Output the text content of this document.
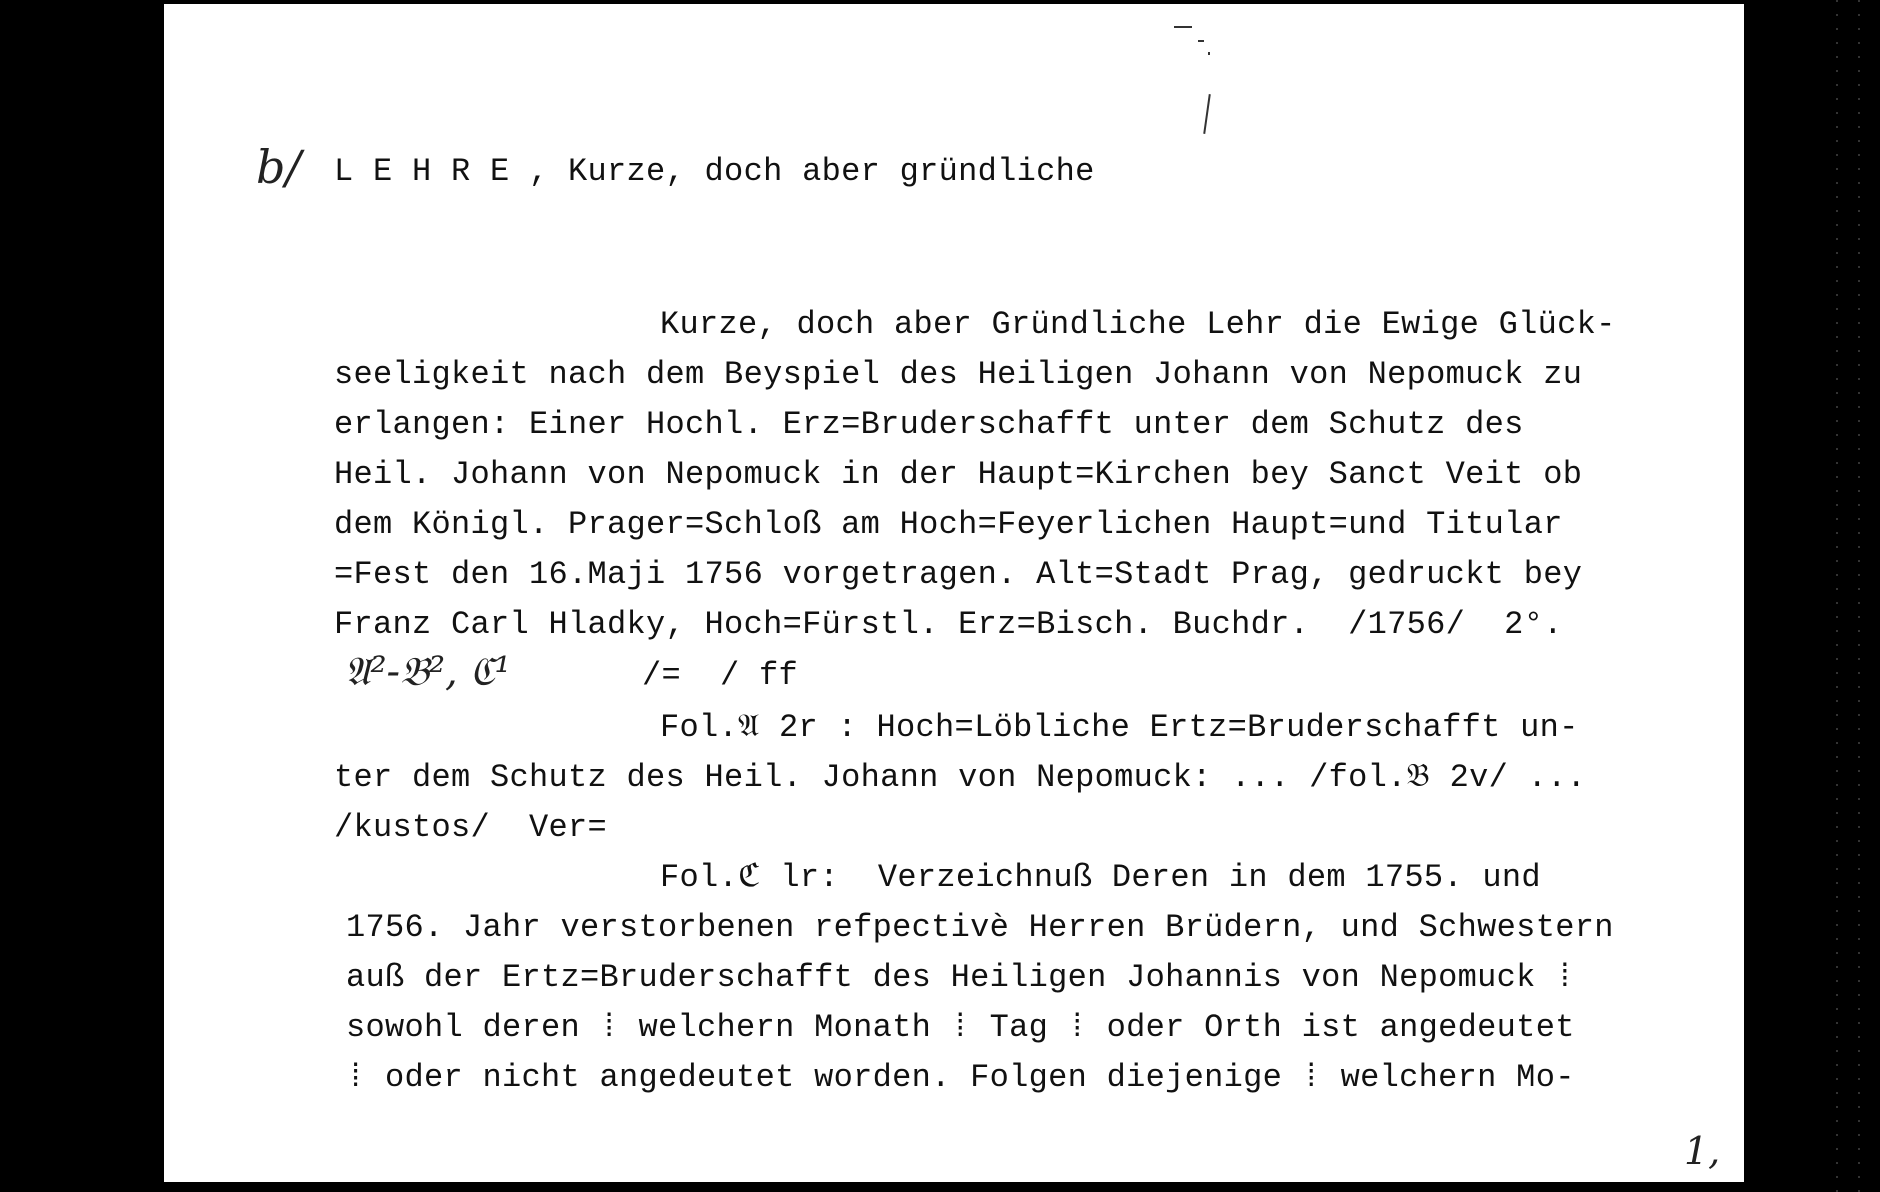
b/ L E H R E , Kurze, doch aber gründliche
Kurze, doch aber Gründliche Lehr die Ewige Glück-
seeligkeit nach dem Beyspiel des Heiligen Johann von Nepomuck zu
erlangen: Einer Hochl. Erz=Bruderschafft unter dem Schutz des
Heil. Johann von Nepomuck in der Haupt=Kirchen bey Sanct Veit ob
dem Königl. Prager=Schloß am Hoch=Feyerlichen Haupt=und Titular
=Fest den 16.Maji 1756 vorgetragen. Alt=Stadt Prag, gedruckt bey
Franz Carl Hladky, Hoch=Fürstl. Erz=Bisch. Buchdr.  /1756/  2°.
𝔄²-𝔅², ℭ¹	/=  / ff
Fol.𝔄 2r : Hoch=Löbliche Ertz=Bruderschafft un-
ter dem Schutz des Heil. Johann von Nepomuck: ... /fol.𝔅 2v/ ...
/kustos/  Ver=
Fol.ℭ lr:  Verzeichnuß Deren in dem 1755. und
1756. Jahr verstorbenen refpectivè Herren Brüdern, und Schwestern
auß der Ertz=Bruderschafft des Heiligen Johannis von Nepomuck ⁞
sowohl deren ⁞ welchern Monath ⁞ Tag ⁞ oder Orth ist angedeutet
⁞ oder nicht angedeutet worden. Folgen diejenige ⁞ welchern Mo-
1,
